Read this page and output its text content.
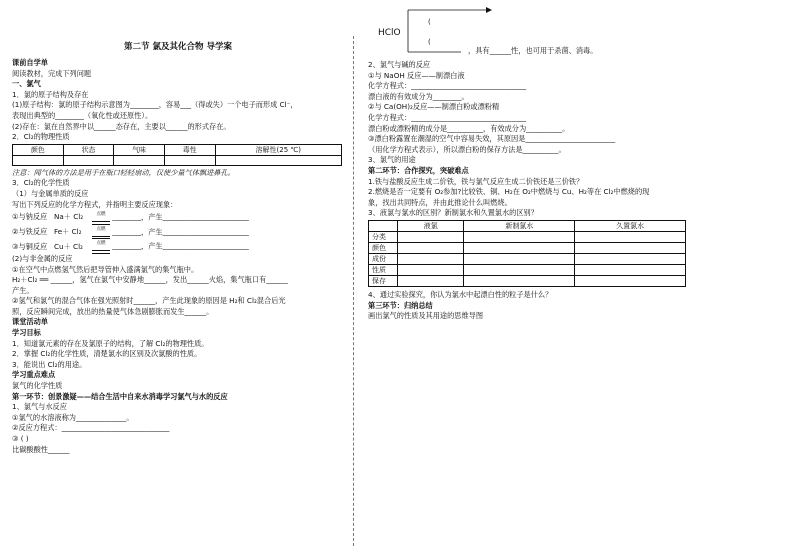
第二节 氯及其化合物 导学案
课前自学单
阅读教材，完成下列问题
一、氯气
1．氯的原子结构及存在
(1)原子结构：氯的原子结构示意图为________，容易___（得或失）一个电子而形成 Cl⁻，
表现出典型的________（氧化性或还原性）。
(2)存在：氯在自然界中以______态存在，主要以______的形式存在。
2．Cl₂的物理性质
颜色	状态	气味	毒性	溶解性(25 ℃)

注意：闻气体的方法是用手在瓶口轻轻扇动，仅使少量气体飘进鼻孔。
3．Cl₂的化学性质
（1）与金属单质的反应
写出下列反应的化学方程式，并指明主要反应现象：
①与钠反应 Na＋ Cl₂	点燃
________，产生________________________
②与铁反应 Fe＋ Cl₂	点燃
________，产生________________________
③与铜反应 Cu＋ Cl₂	点燃
________，产生________________________
(2)与非金属的反应
①在空气中点燃氢气然后把导管伸入盛满氯气的集气瓶中。
H₂＋Cl₂ ══ ______，氢气在氯气中安静地______，发出______火焰，集气瓶口有______
产生。
②氢气和氯气的混合气体在强光照射时______，产生此现象的原因是 H₂和 Cl₂混合后光
照，反应瞬间完成，放出的热量使气体急剧膨胀而发生______。
课堂活动单
学习目标
1．知道氯元素的存在及氯原子的结构，了解 Cl₂的物理性质。
2．掌握 Cl₂的化学性质，清楚氯水的区别及次氯酸的性质。
3．能说出 Cl₂的用途。
学习重点难点
氯气的化学性质
第一环节：创景激疑——结合生活中自来水消毒学习氯气与水的反应
1、氯气与水反应
①氯气的水溶液称为______________。
②反应方程式：______________________________
③ ( )
比碳酸酸性______
HClO
(
(
，具有______性，也可用于杀菌、消毒。
2、氯气与碱的反应
①与 NaOH 反应——制漂白液
化学方程式：________________________________
漂白液的有效成分为________。
②与 Ca(OH)₂反应——制漂白粉或漂粉精
化学方程式：________________________________
漂白粉或漂粉精的成分是__________，有效成分为__________。
③漂白粉露置在潮湿的空气中容易失效，其原因是_________________________
（用化学方程式表示），所以漂白粉的保存方法是__________。
3、氯气的用途
第二环节：合作探究，突破难点
1.铁与盐酸反应生成二价铁，铁与氯气反应生成二价铁还是三价铁？
2.燃烧是否一定要有 O₂参加?比较铁、铜、H₂在 O₂中燃烧与 Cu、H₂等在 Cl₂中燃烧的现
象，找出共同特点，并由此推论什么叫燃烧。
3、液氯与氯水的区别？新制氯水和久置氯水的区别？
	液氯	新制氯水	久置氯水
分类			
颜色			
成份			
性质			
保存			
4、通过实验探究，你认为氯水中起漂白性的粒子是什么？
第三环节：归纳总结
画出氯气的性质及其用途的思维导图
